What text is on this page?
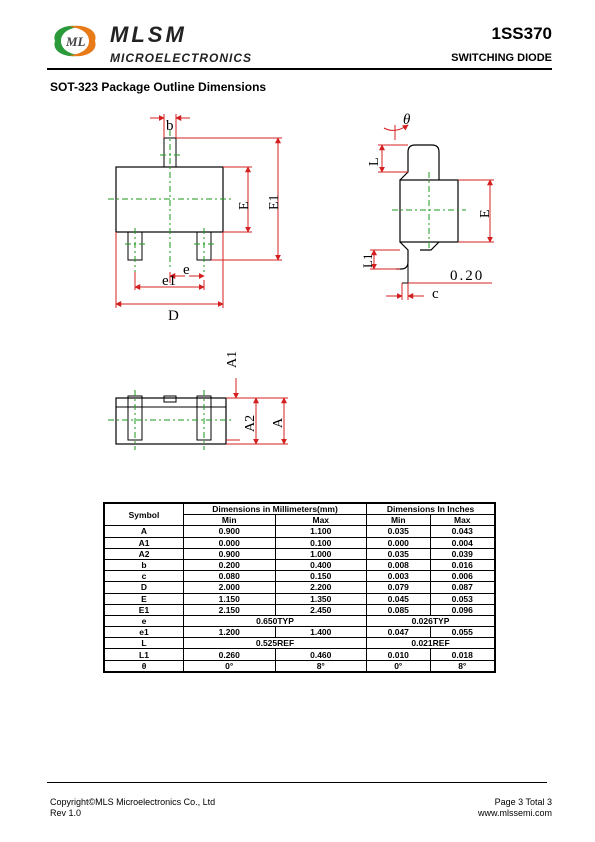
ML MLSM
MICROELECTRONICS
1SS370
SWITCHING DIODE
SOT-323 Package Outline Dimensions
b
E E1
e
e1
D
θ
L
E
L1
0.20
c
A1
A2 A
Symbol	Dimensions in Millimeters(mm)		Dimensions In Inches	
	Min	Max	Min	Max
A	0.900	1.100	0.035	0.043
A1	0.000	0.100	0.000	0.004
A2	0.900	1.000	0.035	0.039
b	0.200	0.400	0.008	0.016
c	0.080	0.150	0.003	0.006
D	2.000	2.200	0.079	0.087
E	1.150	1.350	0.045	0.053
E1	2.150	2.450	0.085	0.096
e	0.650TYP		0.026TYP	
e1	1.200	1.400	0.047	0.055
L	0.525REF		0.021REF	
L1	0.260	0.460	0.010	0.018
θ	0°	8°	0°	8°
Copyright©MLS Microelectronics Co., Ltd
Rev 1.0
Page 3 Total 3
www.mlssemi.com
